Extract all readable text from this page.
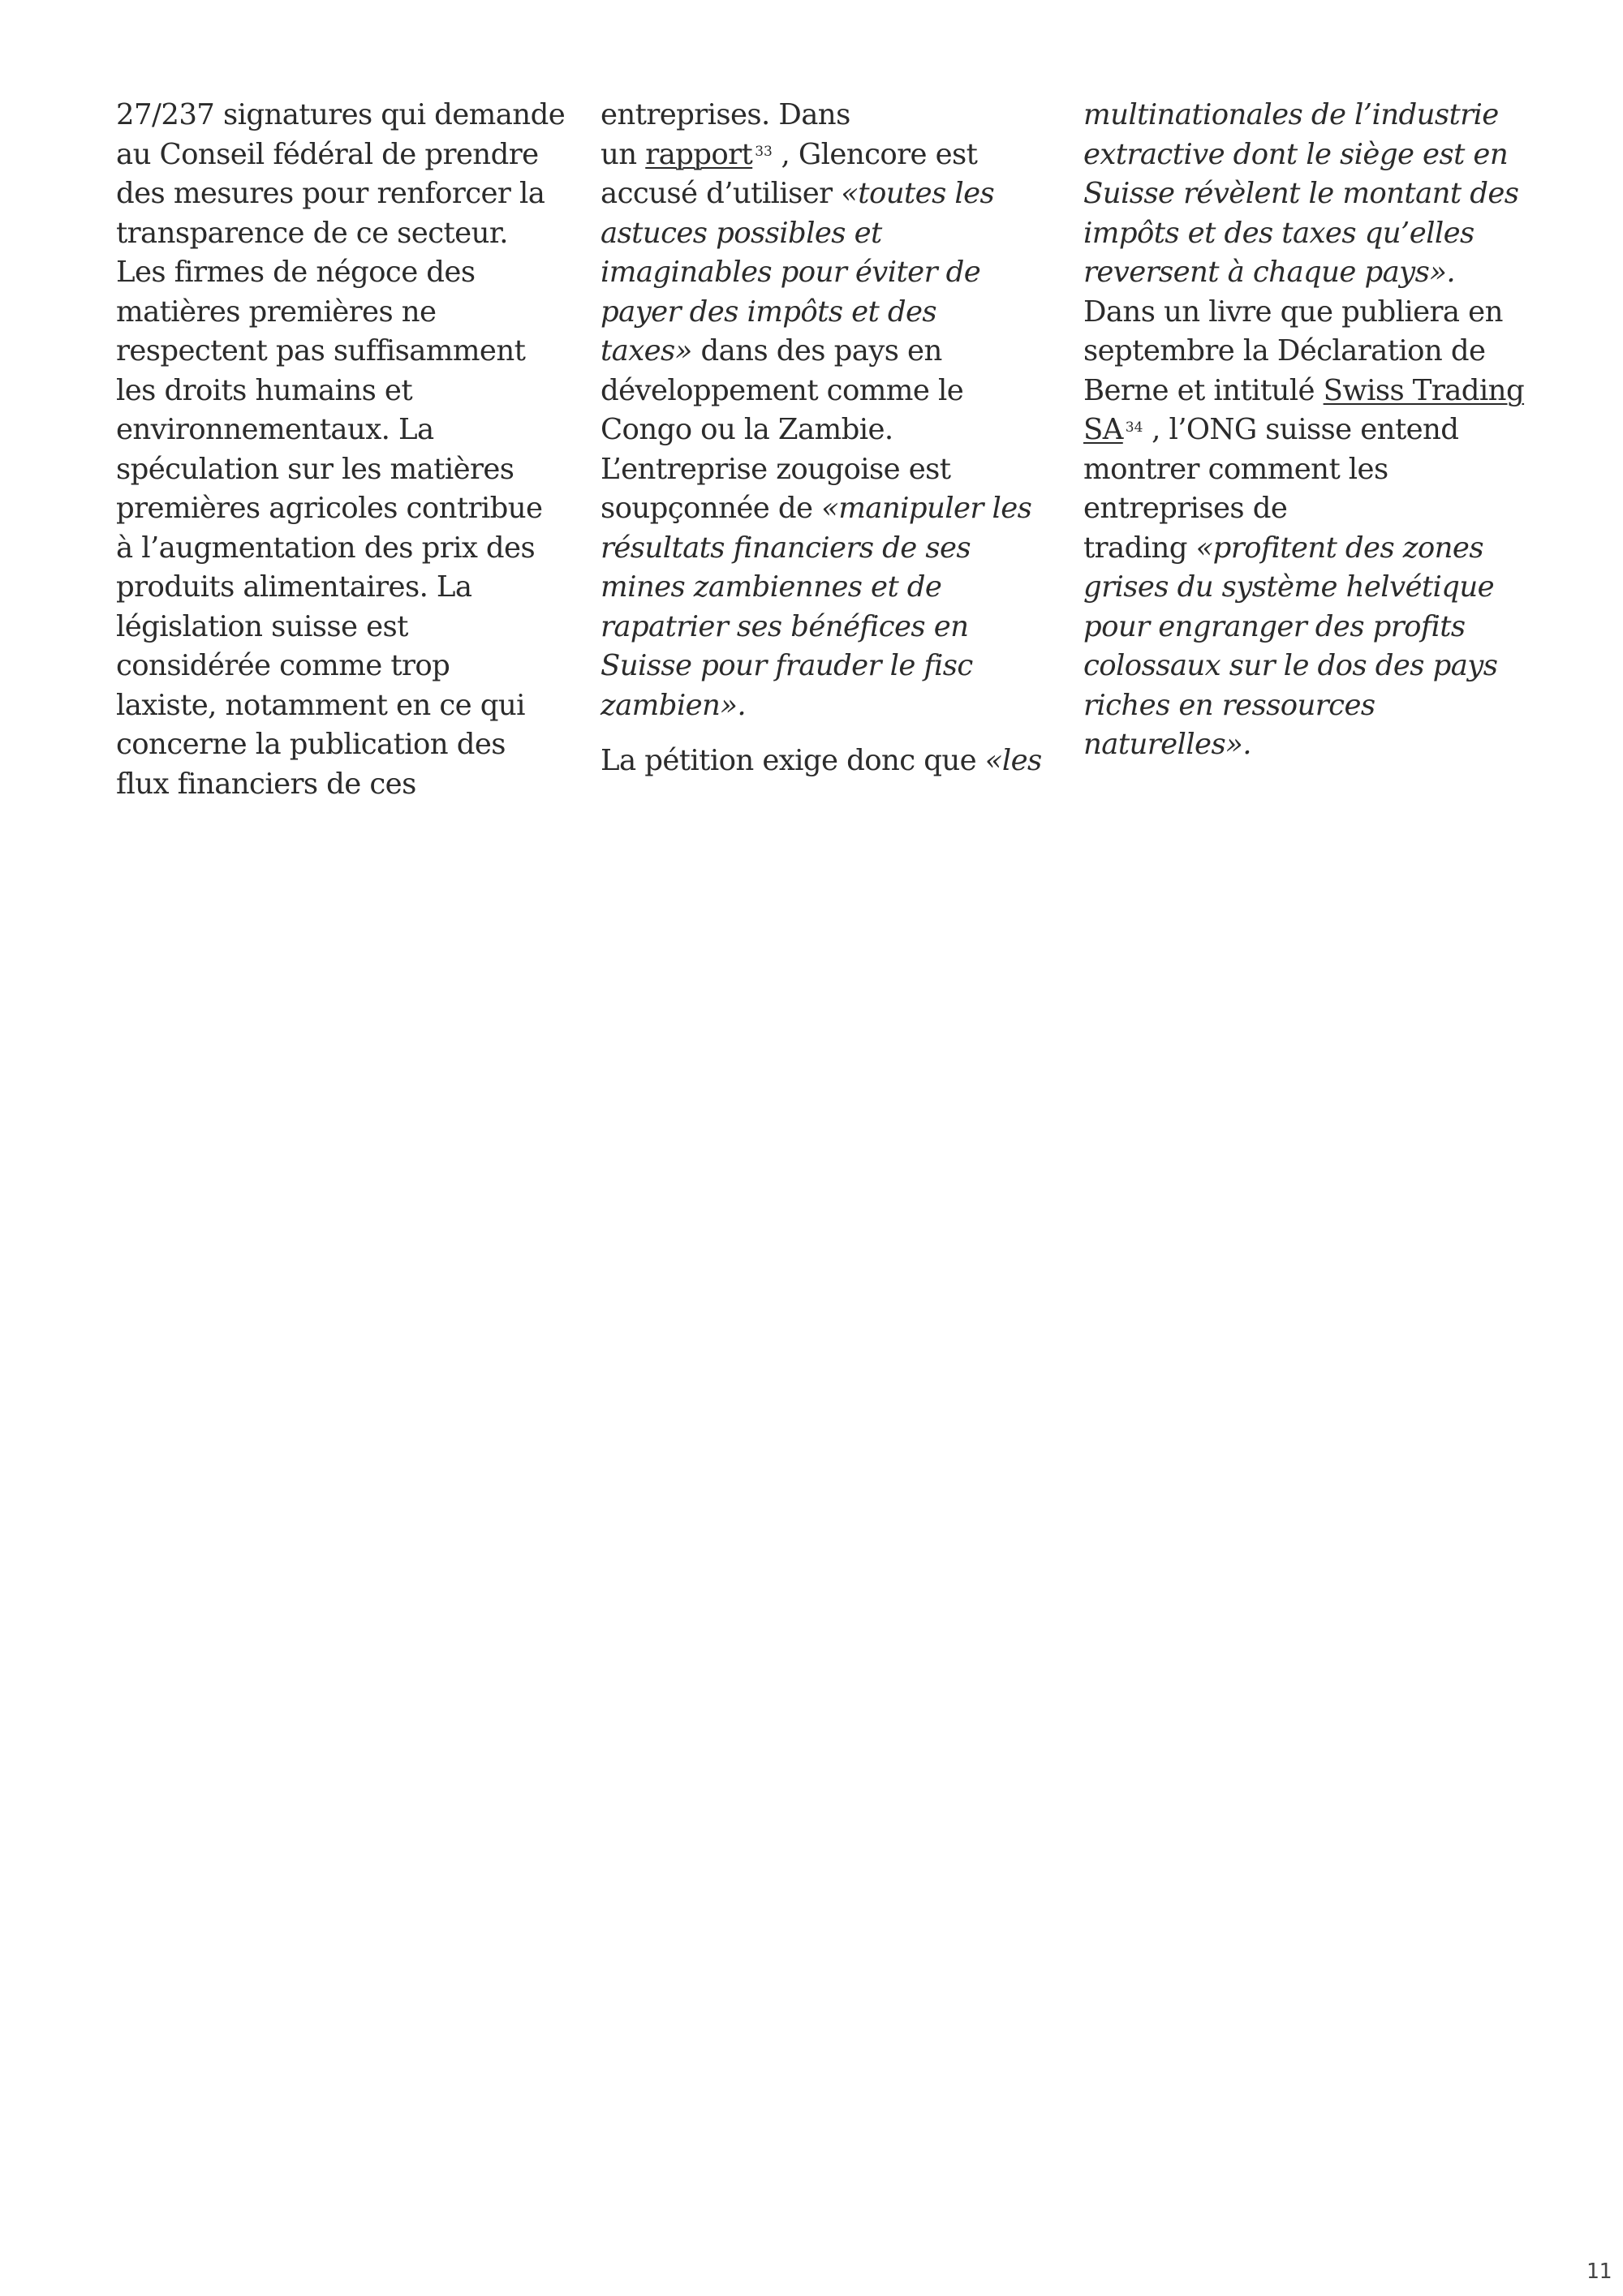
27/237 signatures qui demande
au Conseil fédéral de prendre
des mesures pour renforcer la
transparence de ce secteur.
Les firmes de négoce des
matières premières ne
respectent pas suffisamment
les droits humains et
environnementaux. La
spéculation sur les matières
premières agricoles contribue
à l’augmentation des prix des
produits alimentaires. La
législation suisse est
considérée comme trop
laxiste, notamment en ce qui
concerne la publication des
flux financiers de ces
entreprises. Dans
un rapport $^{33}$ , Glencore est
accusé d’utiliser «toutes les
astuces possibles et
imaginables pour éviter de
payer des impôts et des
taxes» dans des pays en
développement comme le
Congo ou la Zambie.
L’entreprise zougoise est
soupçonnée de «manipuler les
résultats financiers de ses
mines zambiennes et de
rapatrier ses bénéfices en
Suisse pour frauder le fisc
zambien».
La pétition exige donc que «les
multinationales de l’industrie
extractive dont le siège est en
Suisse révèlent le montant des
impôts et des taxes qu’elles
reversent à chaque pays».
Dans un livre que publiera en
septembre la Déclaration de
Berne et intitulé Swiss Trading
SA $^{34}$ , l’ONG suisse entend
montrer comment les
entreprises de
trading «profitent des zones
grises du système helvétique
pour engranger des profits
colossaux sur le dos des pays
riches en ressources
naturelles».
11
